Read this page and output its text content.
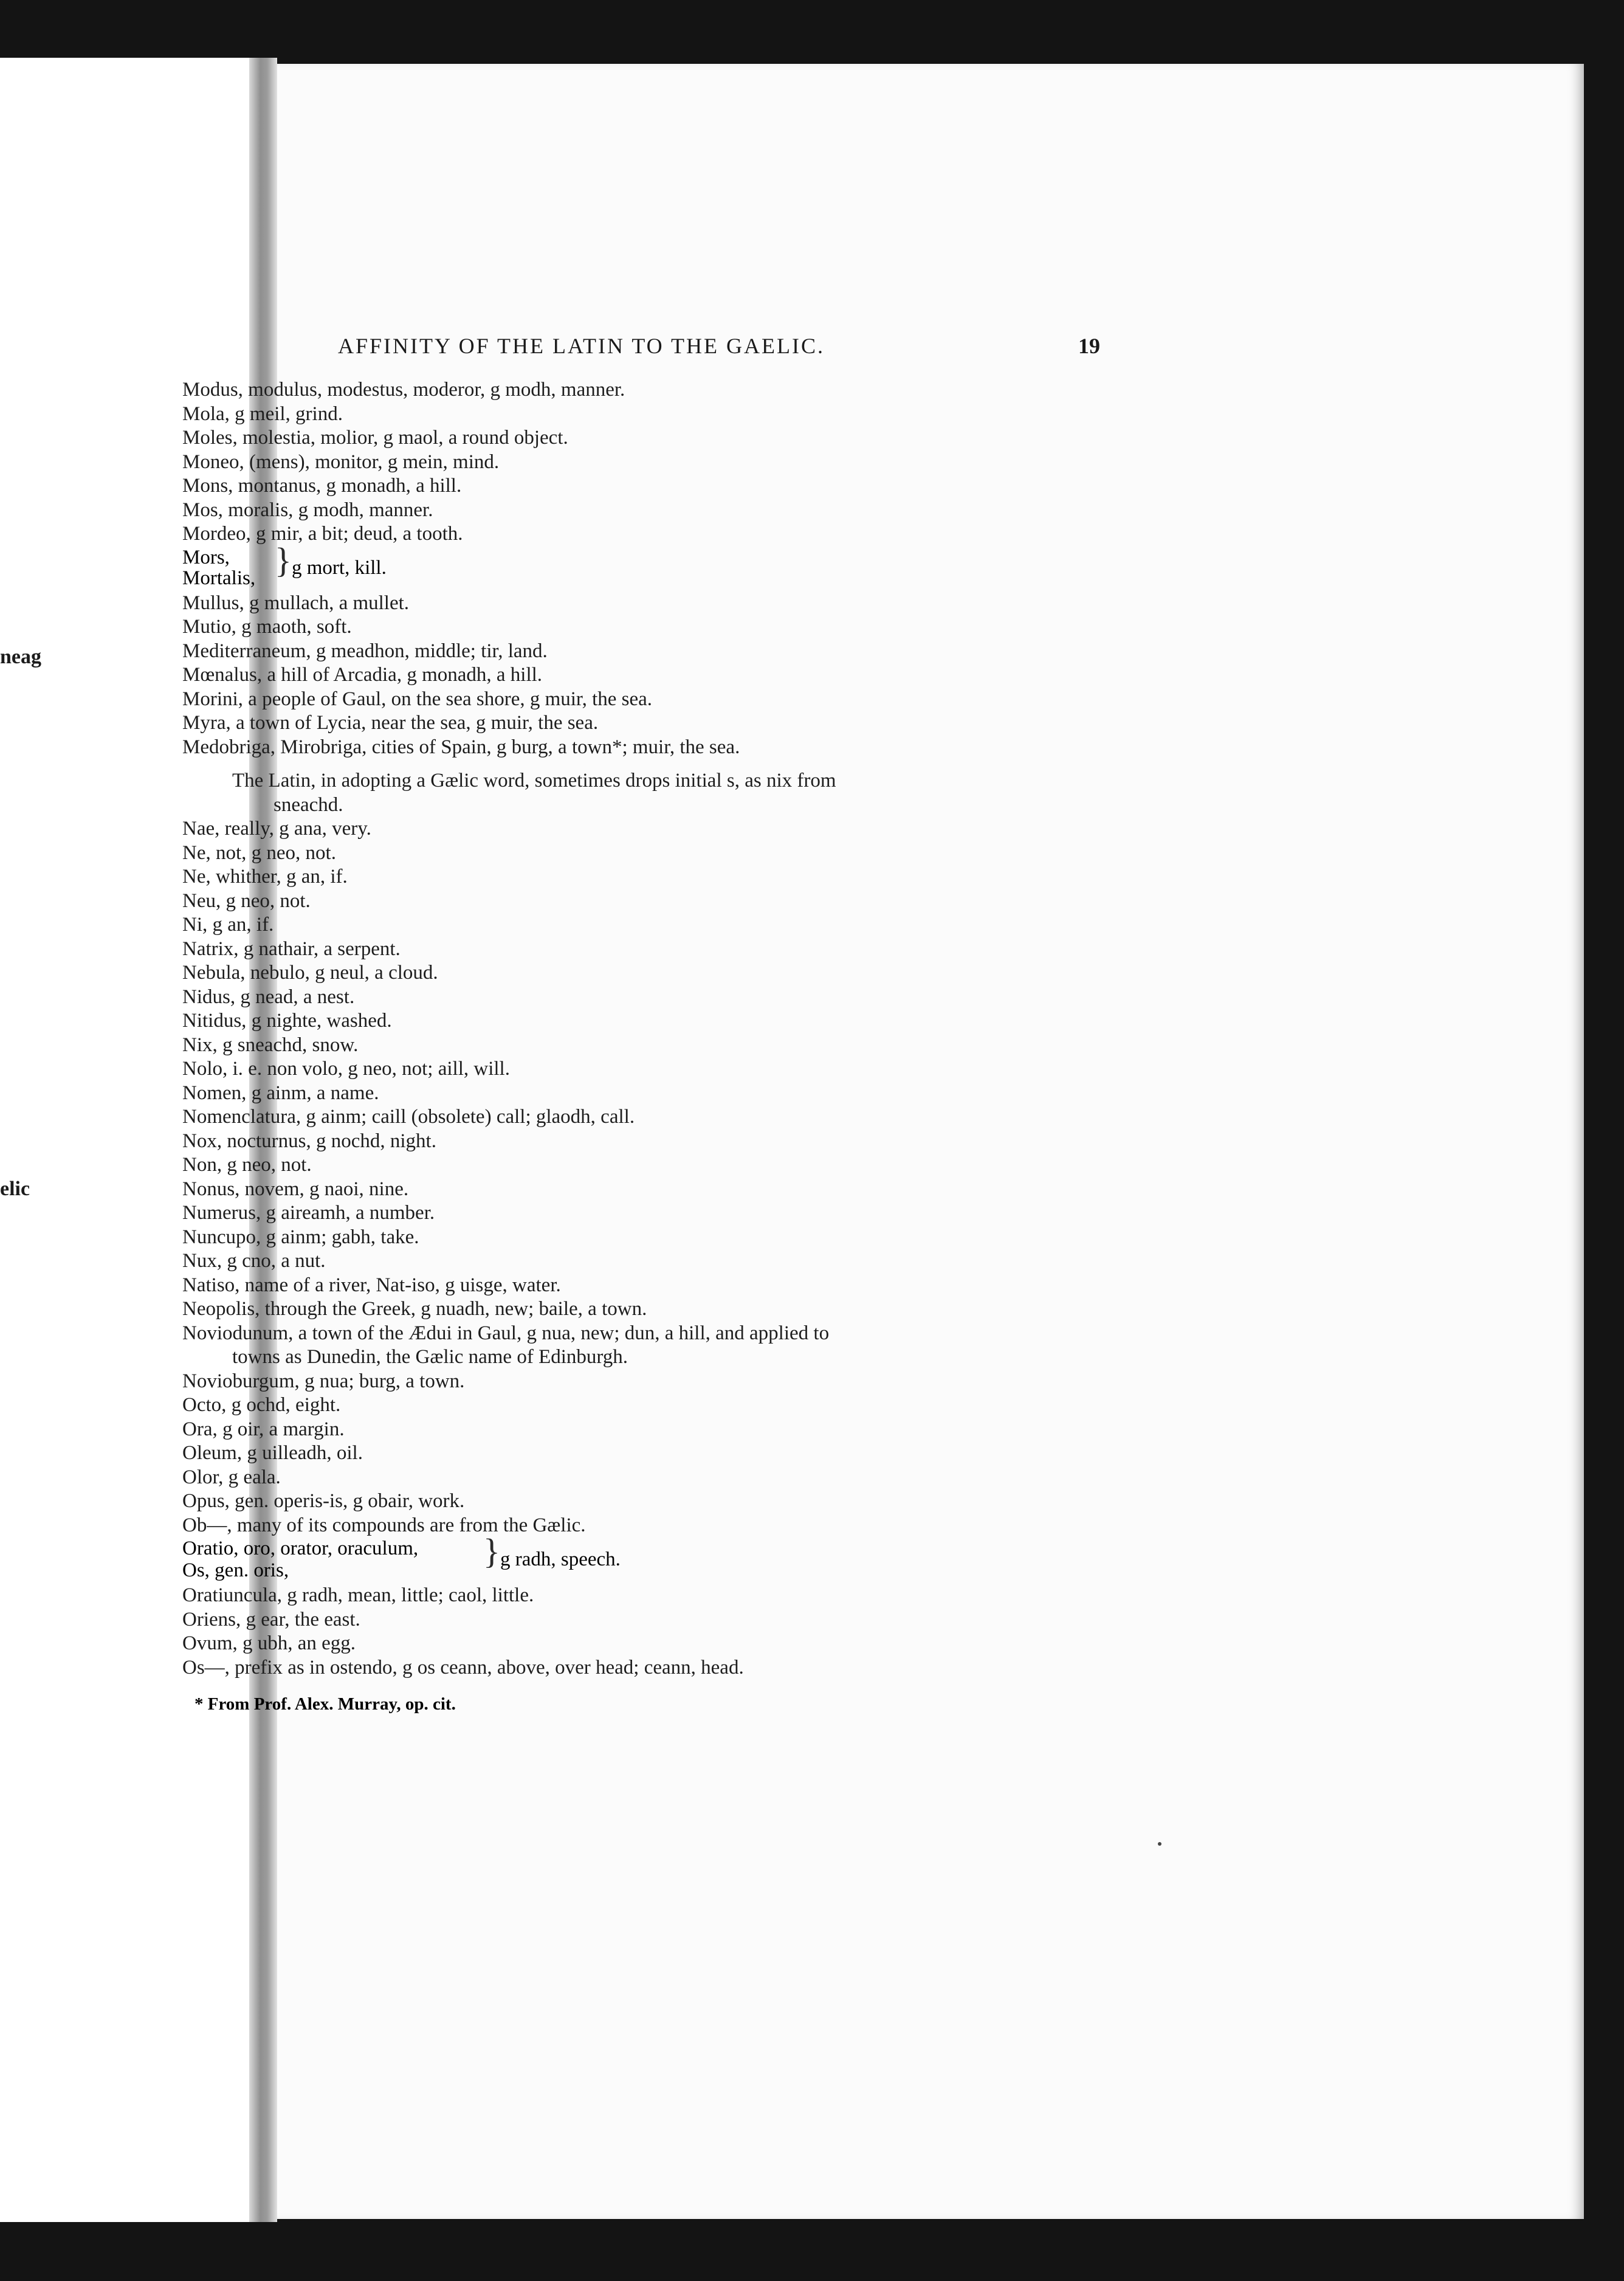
neag
elic
AFFINITY OF THE LATIN TO THE GAELIC.	19
Modus, modulus, modestus, moderor, g modh, manner.
Mola, g meil, grind.
Moles, molestia, molior, g maol, a round object.
Moneo, (mens), monitor, g mein, mind.
Mons, montanus, g monadh, a hill.
Mos, moralis, g modh, manner.
Mordeo, g mir, a bit; deud, a tooth.
Mors,
Mortalis, } g mort, kill.
Mullus, g mullach, a mullet.
Mutio, g maoth, soft.
Mediterraneum, g meadhon, middle; tir, land.
Mœnalus, a hill of Arcadia, g monadh, a hill.
Morini, a people of Gaul, on the sea shore, g muir, the sea.
Myra, a town of Lycia, near the sea, g muir, the sea.
Medobriga, Mirobriga, cities of Spain, g burg, a town*; muir, the sea.
The Latin, in adopting a Gælic word, sometimes drops initial s, as nix from
sneachd.
Nae, really, g ana, very.
Ne, not, g neo, not.
Ne, whither, g an, if.
Neu, g neo, not.
Ni, g an, if.
Natrix, g nathair, a serpent.
Nebula, nebulo, g neul, a cloud.
Nidus, g nead, a nest.
Nitidus, g nighte, washed.
Nix, g sneachd, snow.
Nolo, i. e. non volo, g neo, not; aill, will.
Nomen, g ainm, a name.
Nomenclatura, g ainm; caill (obsolete) call; glaodh, call.
Nox, nocturnus, g nochd, night.
Non, g neo, not.
Nonus, novem, g naoi, nine.
Numerus, g aireamh, a number.
Nuncupo, g ainm; gabh, take.
Nux, g cno, a nut.
Natiso, name of a river, Nat-iso, g uisge, water.
Neopolis, through the Greek, g nuadh, new; baile, a town.
Noviodunum, a town of the Ædui in Gaul, g nua, new; dun, a hill, and applied to
towns as Dunedin, the Gælic name of Edinburgh.
Novioburgum, g nua; burg, a town.
Octo, g ochd, eight.
Ora, g oir, a margin.
Oleum, g uilleadh, oil.
Olor, g eala.
Opus, gen. operis-is, g obair, work.
Ob—, many of its compounds are from the Gælic.
Oratio, oro, orator, oraculum,
Os, gen. oris,	} g radh, speech.
Oratiuncula, g radh, mean, little; caol, little.
Oriens, g ear, the east.
Ovum, g ubh, an egg.
Os—, prefix as in ostendo, g os ceann, above, over head; ceann, head.
* From Prof. Alex. Murray, op. cit.
